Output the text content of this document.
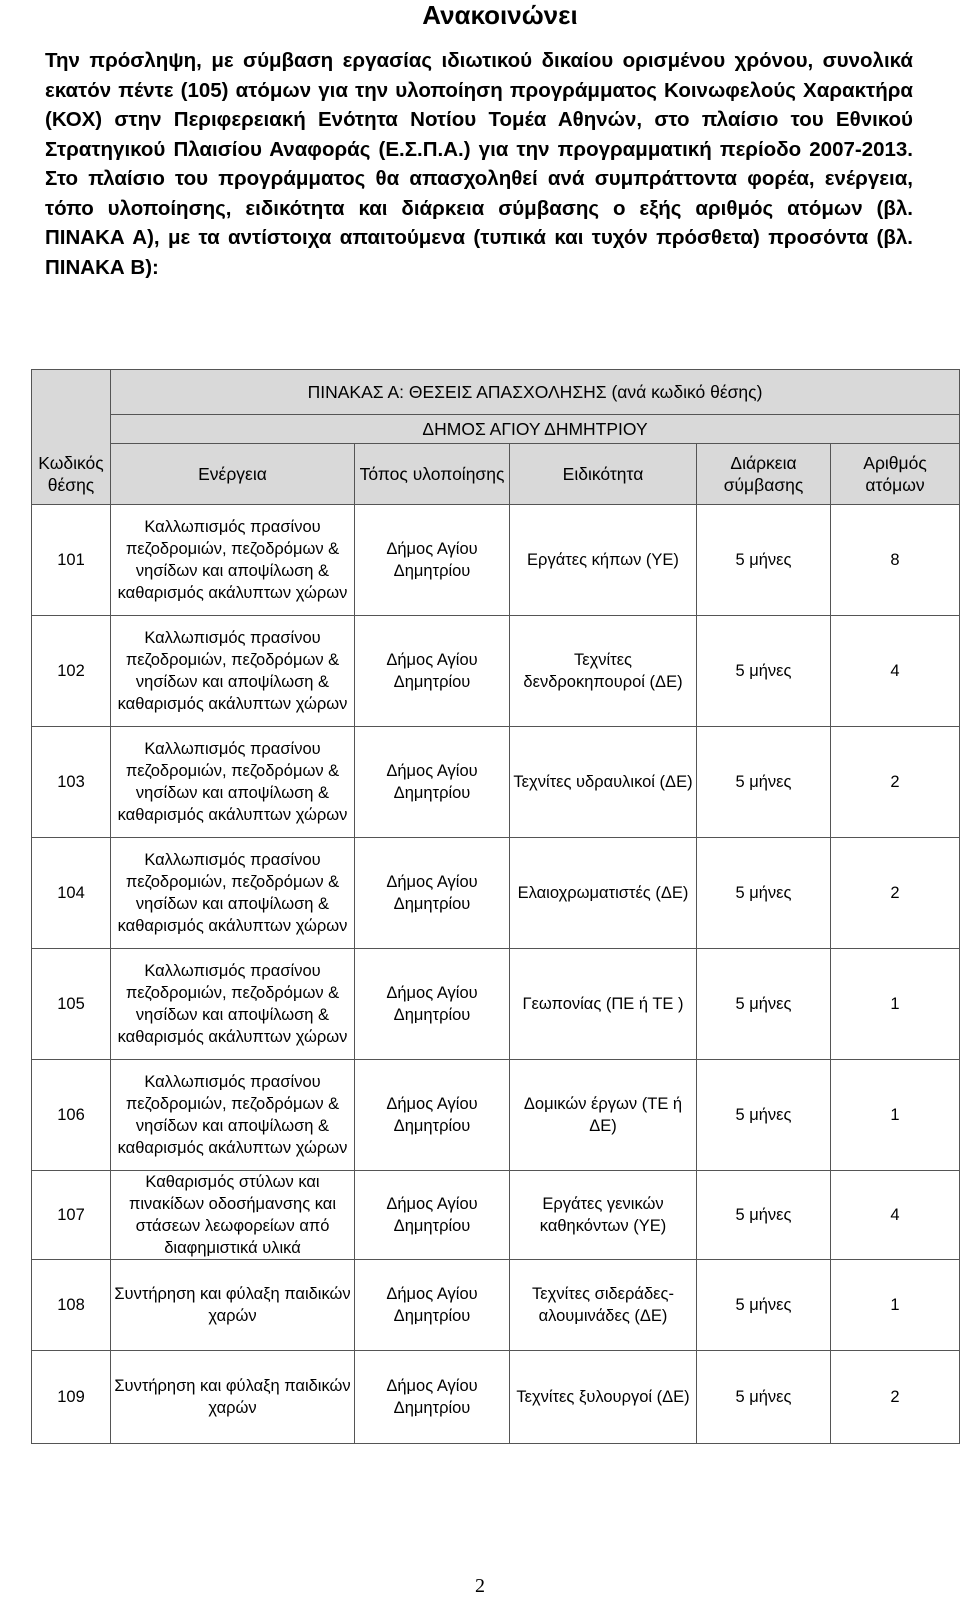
Ανακοινώνει

Την πρόσληψη, με σύμβαση εργασίας ιδιωτικού δικαίου ορισμένου χρόνου, συνολικά εκατόν πέντε (105) ατόμων για την υλοποίηση προγράμματος Κοινωφελούς Χαρακτήρα (ΚΟΧ) στην Περιφερειακή Ενότητα Νοτίου Τομέα Αθηνών, στο πλαίσιο του Εθνικού Στρατηγικού Πλαισίου Αναφοράς (Ε.Σ.Π.Α.) για την προγραμματική περίοδο 2007-2013. Στο πλαίσιο του προγράμματος θα απασχοληθεί ανά συμπράττοντα φορέα, ενέργεια, τόπο υλοποίησης, ειδικότητα και διάρκεια σύμβασης ο εξής αριθμός ατόμων (βλ. ΠΙΝΑΚΑ Α), με τα αντίστοιχα απαιτούμενα (τυπικά και τυχόν πρόσθετα) προσόντα (βλ. ΠΙΝΑΚΑ Β):

Κωδικός θέσης	ΠΙΝΑΚΑΣ Α: ΘΕΣΕΙΣ ΑΠΑΣΧΟΛΗΣΗΣ (ανά κωδικό θέσης)				
	ΔΗΜΟΣ ΑΓΙΟΥ ΔΗΜΗΤΡΙΟΥ				
	Ενέργεια	Τόπος υλοποίησης	Ειδικότητα	Διάρκεια σύμβασης	Αριθμός ατόμων
101	Καλλωπισμός πρασίνου πεζοδρομιών, πεζοδρόμων & νησίδων και αποψίλωση & καθαρισμός ακάλυπτων χώρων	Δήμος Αγίου Δημητρίου	Εργάτες κήπων (ΥΕ)	5 μήνες	8
102	Καλλωπισμός πρασίνου πεζοδρομιών, πεζοδρόμων & νησίδων και αποψίλωση & καθαρισμός ακάλυπτων χώρων	Δήμος Αγίου Δημητρίου	Τεχνίτες δενδροκηπουροί (ΔΕ)	5 μήνες	4
103	Καλλωπισμός πρασίνου πεζοδρομιών, πεζοδρόμων & νησίδων και αποψίλωση & καθαρισμός ακάλυπτων χώρων	Δήμος Αγίου Δημητρίου	Τεχνίτες υδραυλικοί (ΔΕ)	5 μήνες	2
104	Καλλωπισμός πρασίνου πεζοδρομιών, πεζοδρόμων & νησίδων και αποψίλωση & καθαρισμός ακάλυπτων χώρων	Δήμος Αγίου Δημητρίου	Ελαιοχρωματιστές (ΔΕ)	5 μήνες	2
105	Καλλωπισμός πρασίνου πεζοδρομιών, πεζοδρόμων & νησίδων και αποψίλωση & καθαρισμός ακάλυπτων χώρων	Δήμος Αγίου Δημητρίου	Γεωπονίας (ΠΕ ή ΤΕ )	5 μήνες	1
106	Καλλωπισμός πρασίνου πεζοδρομιών, πεζοδρόμων & νησίδων και αποψίλωση & καθαρισμός ακάλυπτων χώρων	Δήμος Αγίου Δημητρίου	Δομικών έργων (ΤΕ ή ΔΕ)	5 μήνες	1
107	Καθαρισμός στύλων και πινακίδων οδοσήμανσης και στάσεων λεωφορείων από διαφημιστικά υλικά	Δήμος Αγίου Δημητρίου	Εργάτες γενικών καθηκόντων (ΥΕ)	5 μήνες	4
108	Συντήρηση και φύλαξη παιδικών χαρών	Δήμος Αγίου Δημητρίου	Τεχνίτες σιδεράδες-αλουμινάδες (ΔΕ)	5 μήνες	1
109	Συντήρηση και φύλαξη παιδικών χαρών	Δήμος Αγίου Δημητρίου	Τεχνίτες ξυλουργοί (ΔΕ)	5 μήνες	2
2
